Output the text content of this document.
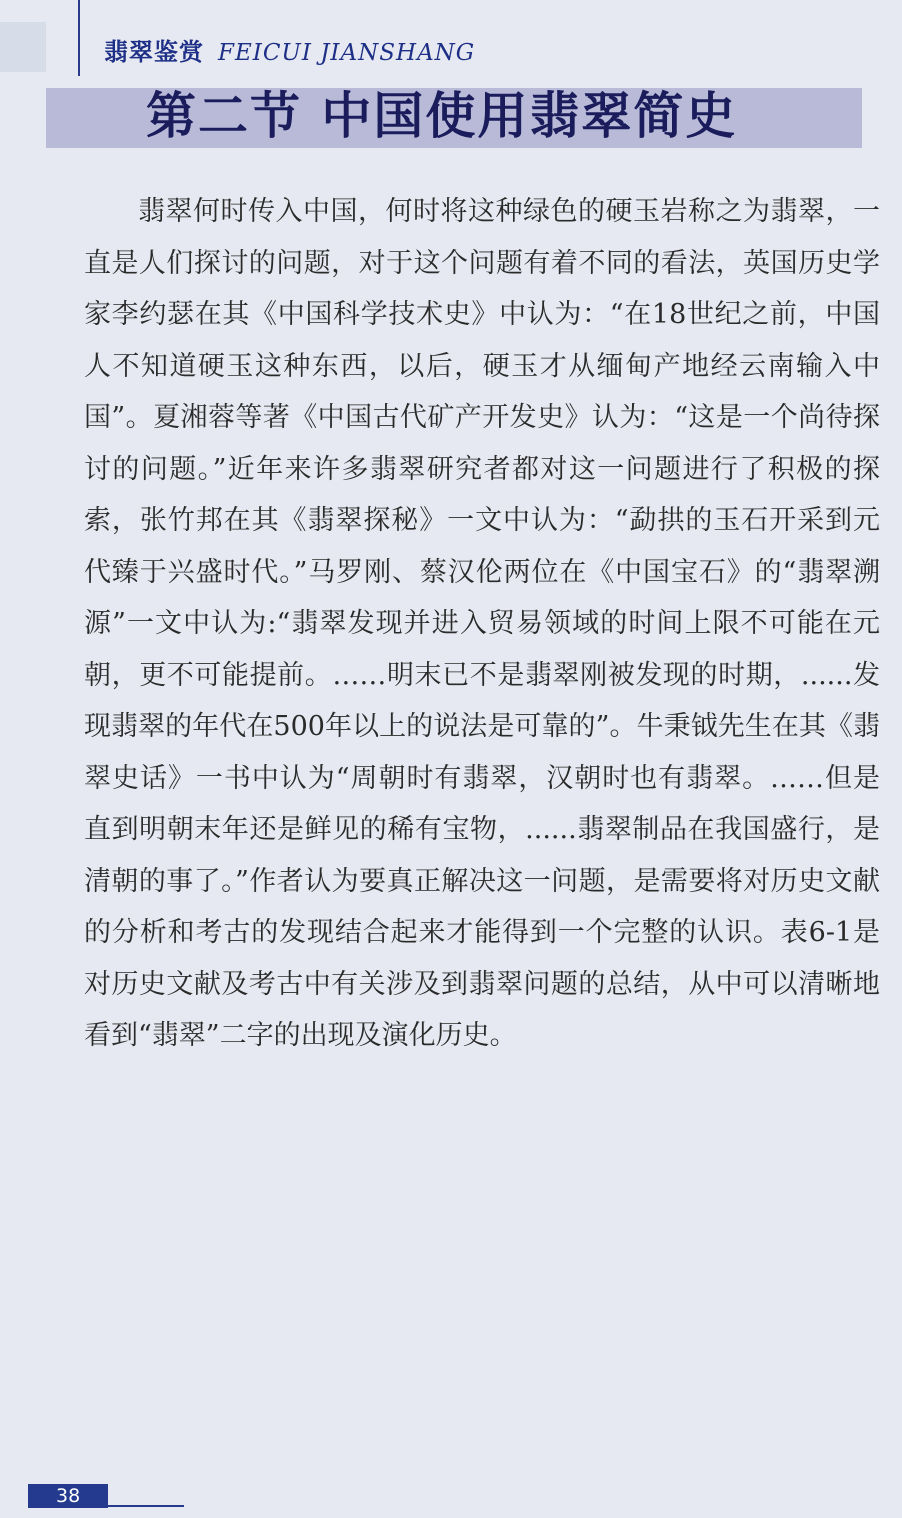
翡翠鉴赏 FEICUI JIANSHANG
第二节 中国使用翡翠简史

翡翠何时传入中国，何时将这种绿色的硬玉岩称之为翡翠，一直是人们探讨的问题，对于这个问题有着不同的看法，英国历史学家李约瑟在其《中国科学技术史》中认为：“在18世纪之前，中国人不知道硬玉这种东西，以后，硬玉才从缅甸产地经云南输入中国”。夏湘蓉等著《中国古代矿产开发史》认为：“这是一个尚待探讨的问题。”近年来许多翡翠研究者都对这一问题进行了积极的探索，张竹邦在其《翡翠探秘》一文中认为：“勐拱的玉石开采到元代臻于兴盛时代。”马罗刚、蔡汉伦两位在《中国宝石》的“翡翠溯源”一文中认为:“翡翠发现并进入贸易领域的时间上限不可能在元朝，更不可能提前。……明末已不是翡翠刚被发现的时期，......发现翡翠的年代在500年以上的说法是可靠的”。牛秉钺先生在其《翡翠史话》一书中认为“周朝时有翡翠，汉朝时也有翡翠。……但是直到明朝末年还是鲜见的稀有宝物，......翡翠制品在我国盛行，是清朝的事了。”作者认为要真正解决这一问题，是需要将对历史文献的分析和考古的发现结合起来才能得到一个完整的认识。表6-1是对历史文献及考古中有关涉及到翡翠问题的总结，从中可以清晰地看到“翡翠”二字的出现及演化历史。

38
